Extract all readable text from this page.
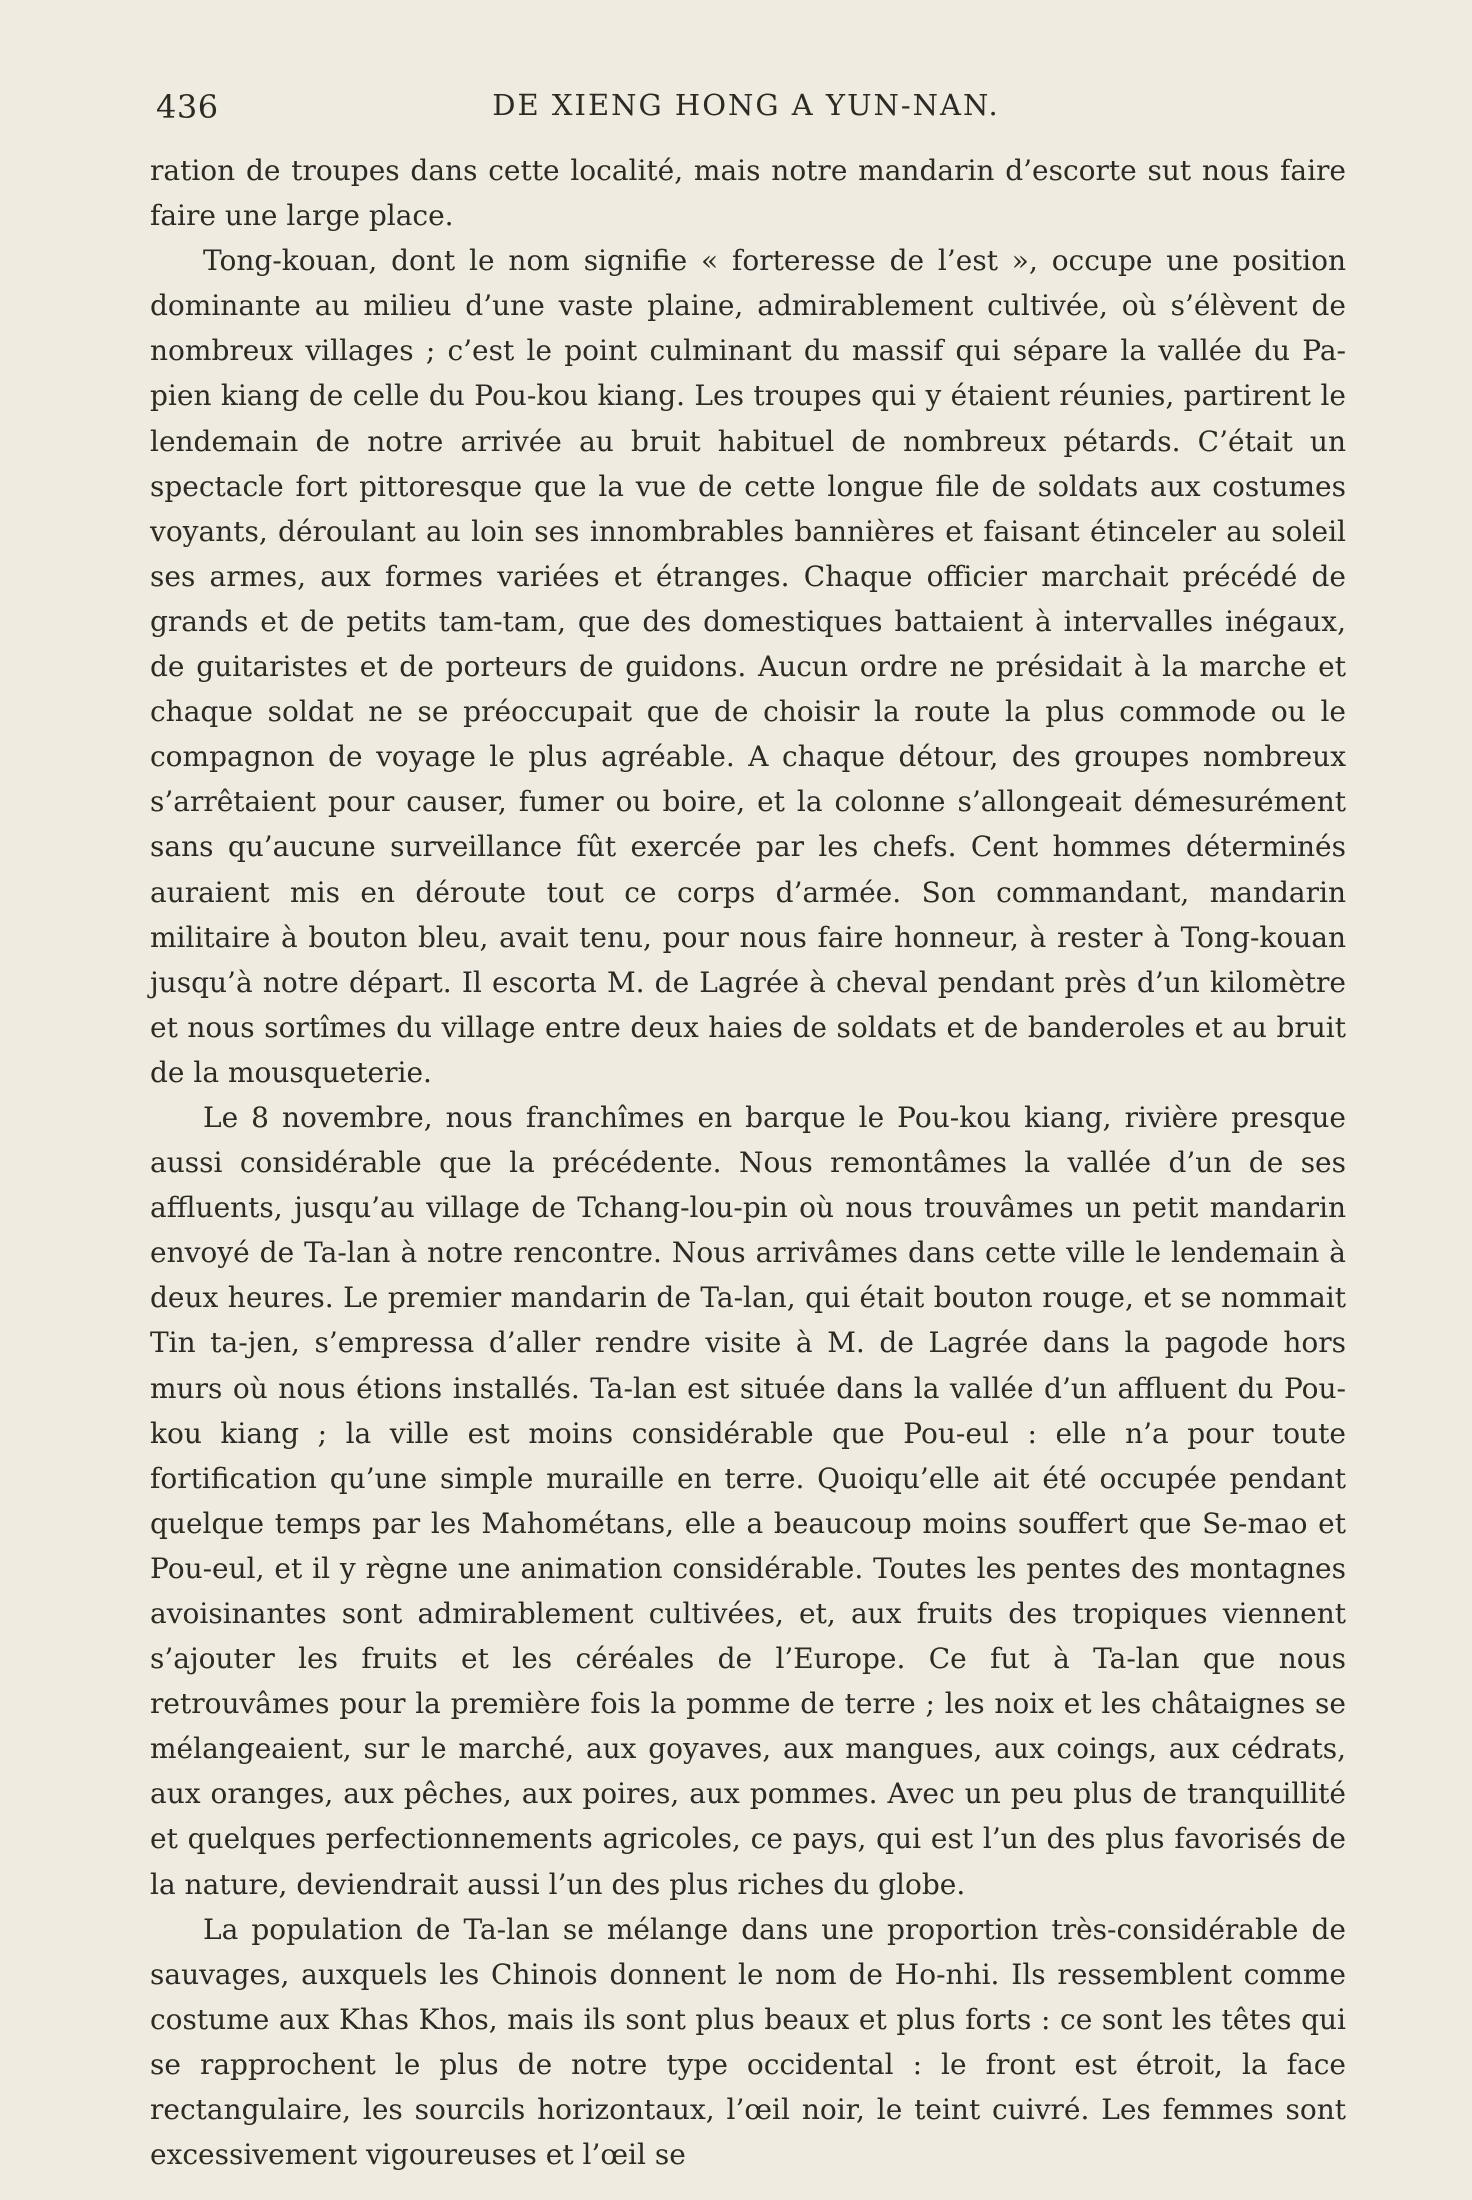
436	DE XIENG HONG A YUN-NAN.

ration de troupes dans cette localité, mais notre mandarin d’escorte sut nous faire faire une large place.

Tong-kouan, dont le nom signifie « forteresse de l’est », occupe une position dominante au milieu d’une vaste plaine, admirablement cultivée, où s’élèvent de nombreux villages ; c’est le point culminant du massif qui sépare la vallée du Pa-pien kiang de celle du Pou-kou kiang. Les troupes qui y étaient réunies, partirent le lendemain de notre arrivée au bruit habituel de nombreux pétards. C’était un spectacle fort pittoresque que la vue de cette longue file de soldats aux costumes voyants, déroulant au loin ses innombrables bannières et faisant étinceler au soleil ses armes, aux formes variées et étranges. Chaque officier marchait précédé de grands et de petits tam-tam, que des domestiques battaient à intervalles inégaux, de guitaristes et de porteurs de guidons. Aucun ordre ne présidait à la marche et chaque soldat ne se préoccupait que de choisir la route la plus commode ou le compagnon de voyage le plus agréable. A chaque détour, des groupes nombreux s’arrêtaient pour causer, fumer ou boire, et la colonne s’allongeait démesurément sans qu’aucune surveillance fût exercée par les chefs. Cent hommes déterminés auraient mis en déroute tout ce corps d’armée. Son commandant, mandarin militaire à bouton bleu, avait tenu, pour nous faire honneur, à rester à Tong-kouan jusqu’à notre départ. Il escorta M. de Lagrée à cheval pendant près d’un kilomètre et nous sortîmes du village entre deux haies de soldats et de banderoles et au bruit de la mousqueterie.

Le 8 novembre, nous franchîmes en barque le Pou-kou kiang, rivière presque aussi considérable que la précédente. Nous remontâmes la vallée d’un de ses affluents, jusqu’au village de Tchang-lou-pin où nous trouvâmes un petit mandarin envoyé de Ta-lan à notre rencontre. Nous arrivâmes dans cette ville le lendemain à deux heures. Le premier mandarin de Ta-lan, qui était bouton rouge, et se nommait Tin ta-jen, s’empressa d’aller rendre visite à M. de Lagrée dans la pagode hors murs où nous étions installés. Ta-lan est située dans la vallée d’un affluent du Pou-kou kiang ; la ville est moins considérable que Pou-eul : elle n’a pour toute fortification qu’une simple muraille en terre. Quoiqu’elle ait été occupée pendant quelque temps par les Mahométans, elle a beaucoup moins souffert que Se-mao et Pou-eul, et il y règne une animation considérable. Toutes les pentes des montagnes avoisinantes sont admirablement cultivées, et, aux fruits des tropiques viennent s’ajouter les fruits et les céréales de l’Europe. Ce fut à Ta-lan que nous retrouvâmes pour la première fois la pomme de terre ; les noix et les châtaignes se mélangeaient, sur le marché, aux goyaves, aux mangues, aux coings, aux cédrats, aux oranges, aux pêches, aux poires, aux pommes. Avec un peu plus de tranquillité et quelques perfectionnements agricoles, ce pays, qui est l’un des plus favorisés de la nature, deviendrait aussi l’un des plus riches du globe.

La population de Ta-lan se mélange dans une proportion très-considérable de sauvages, auxquels les Chinois donnent le nom de Ho-nhi. Ils ressemblent comme costume aux Khas Khos, mais ils sont plus beaux et plus forts : ce sont les têtes qui se rapprochent le plus de notre type occidental : le front est étroit, la face rectangulaire, les sourcils horizontaux, l’œil noir, le teint cuivré. Les femmes sont excessivement vigoureuses et l’œil se
